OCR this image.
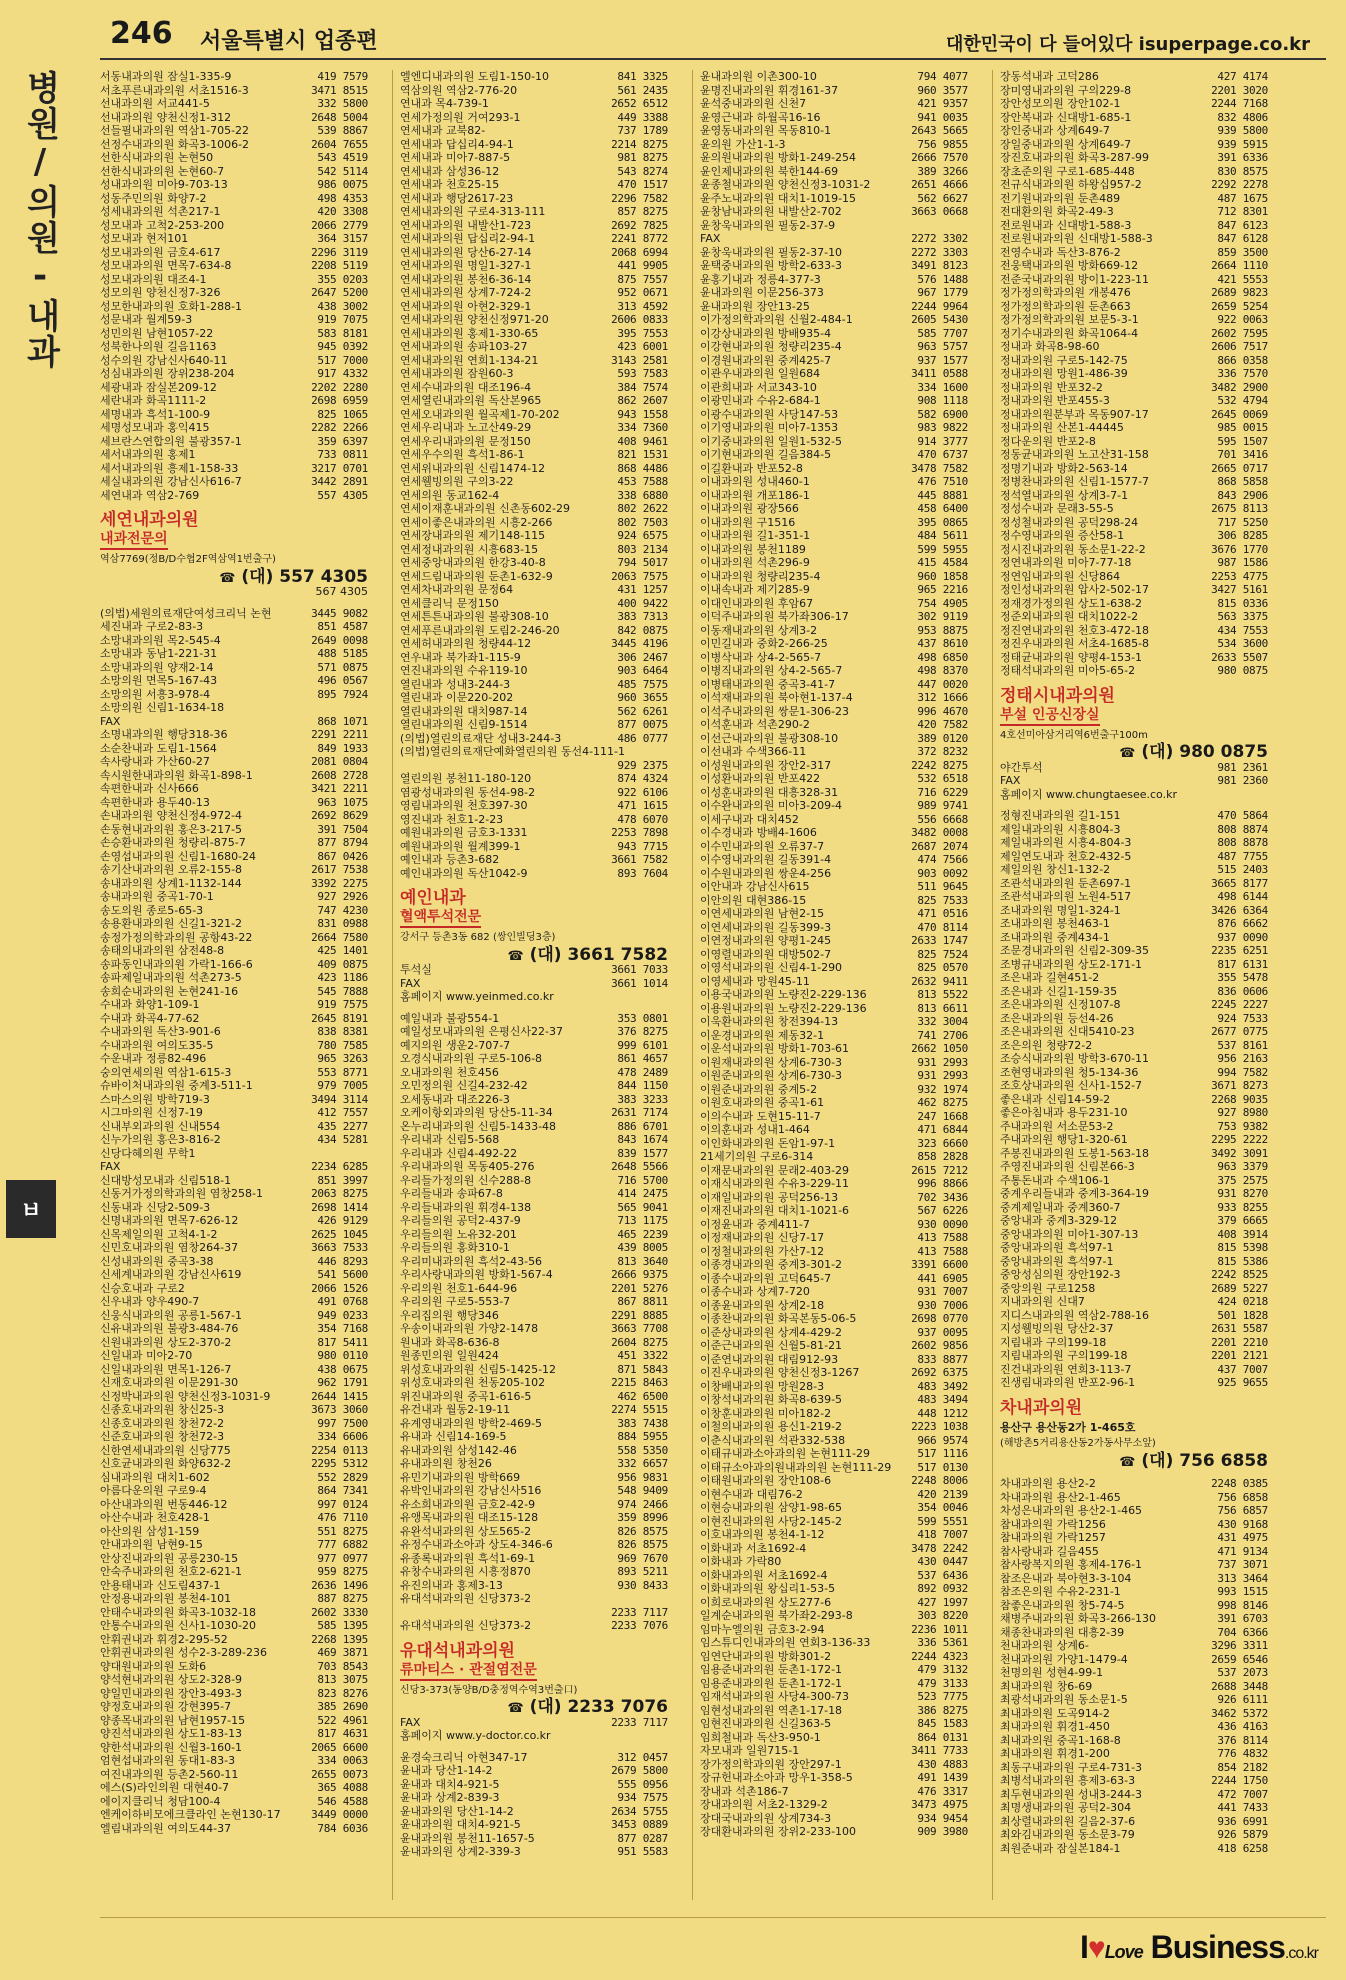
246 서울특별시 업종편	대한민국이 다 들어있다 isuperpage.co.kr
병원/의원-내과
ㅂ
서동내과의원 잠실1-335-9	419 7579
서초푸른내과의원 서초1516-3	3471 8515
선내과의원 서교441-5	332 5800
선내과의원 양천신정1-312	2648 5004
선들필내과의원 역삼1-705-22	539 8867
선정수내과의원 화곡3-1006-2	2604 7655
선한식내과의원 논현50	543 4519
선한식내과의원 논현60-7	542 5114
성내과의원 미아9-703-13	986 0075
성동주민의원 화양7-2	498 4353
성세내과의원 석촌217-1	420 3308
성모내과 고척2-253-200	2066 2779
성모내과 현저101	364 3157
성모내과의원 금호4-617	2296 3119
성모내과의원 면목7-634-8	2208 5119
성모내과의원 대조4-1	355 0203
성모의원 양천신정7-326	2647 5200
성모한내과의원 호화1-288-1	438 3002
성문내과 월계59-3	919 7075
성민의원 남현1057-22	583 8181
성북한나의원 길음1163	945 0392
성수의원 강남신사640-11	517 7000
성심내과의원 장위238-204	917 4332
세광내과 잠실본209-12	2202 2280
세란내과 화곡1111-2	2698 6959
세명내과 흑석1-100-9	825 1065
세명성모내과 홍익415	2282 2266
세브란스연합의원 불광357-1	359 6397
세서내과의원 홍제1	733 0811
세서내과의원 흥제1-158-33	3217 0701
세실내과의원 강남신사616-7	3442 2891
세연내과 역삼2-769	557 4305
세연내과의원
내과전문의
역삼7769(정B/D수협2F역삼역1번출구)
☎ (대) 557 4305
567 4305
(의법)세원의료재단여성크리닉 논현	3445 9082
세진내과 구로2-83-3	851 4587
소망내과의원 목2-545-4	2649 0098
소망내과 동남1-221-31	488 5185
소망내과의원 양재2-14	571 0875
소망의원 면목5-167-43	496 0567
소망의원 서흥3-978-4	895 7924
소망의원 신림1-1634-18
FAX	868 1071
소명내과의원 행당318-36	2291 2211
소순찬내과 도림1-1564	849 1933
속사랑내과 가산60-27	2081 0804
속시원한내과의원 화곡1-898-1	2608 2728
속편한내과 신사666	3421 2211
속편한내과 용두40-13	963 1075
손내과의원 양천신정4-972-4	2692 8629
손동현내과의원 홍은3-217-5	391 7504
손승환내과의원 청량리-875-7	877 8794
손영섭내과의원 신림1-1680-24	867 0426
송기산내과의원 오류2-155-8	2617 7538
송내과의원 상계1-1132-144	3392 2275
송내과의원 중곡1-70-1	927 2926
송도의원 종로5-65-3	747 4230
송용환내과의원 신길1-321-2	831 0988
송정가정의학과의원 공항43-22	2664 7580
송태의내과의원 삼전48-8	425 1401
송파동인내과의원 가락1-166-6	409 0875
송파제일내과의원 석촌273-5	423 1186
송희순내과의원 논현241-16	545 7888
수내과 화양1-109-1	919 7575
수내과 화곡4-77-62	2645 8191
수내과의원 독산3-901-6	838 8381
수내과의원 여의도35-5	780 7585
수운내과 정릉82-496	965 3263
숭의연세의원 역삼1-615-3	553 8771
슈바이처내과의원 중계3-511-1	979 7005
스마스의원 방학719-3	3494 3114
시그마의원 신정7-19	412 7557
신내부외과의원 신내554	435 2277
신누가의원 홍은3-816-2	434 5281
신당다혜의원 무학1
FAX	2234 6285
신대방성모내과 신림518-1	851 3997
신동거가정의학과의원 염창258-1	2063 8275
신동내과 신당2-509-3	2698 1414
신명내과의원 면목7-626-12	426 9129
신목제일의원 고척4-1-2	2625 1045
신민호내과의원 염창264-37	3663 7533
신성내과의원 중곡3-38	446 8293
신세계내과의원 강남신사619	541 5600
신승호내과 구로2	2066 1526
신우내과 양우490-7	491 0768
신웅식내과의원 공릉1-567-1	949 0233
신유내과의원 불광3-484-76	354 7168
신원내과의원 상도2-370-2	817 5411
신일내과 미아2-70	980 0110
신일내과의원 면목1-126-7	438 0675
신재호내과의원 이문291-30	962 1791
신정박내과의원 양천신정3-1031-9	2644 1415
신종호내과의원 창신25-3	3673 3060
신종호내과의원 창천72-2	997 7500
신준호내과의원 창천72-3	334 6606
신한연세내과의원 신당775	2254 0113
신호균내과의원 화양632-2	2295 5312
심내과의원 대치1-602	552 2829
아름다운의원 구로9-4	864 7341
아산내과의원 번동446-12	997 0124
아산수내과 천호428-1	476 7110
아산의원 삼성1-159	551 8275
안내과의원 남현9-15	777 6882
안상진내과의원 공릉230-15	977 0977
안숙주내과의원 천호2-621-1	959 8275
안용태내과 신도림437-1	2636 1496
안정용내과의원 봉천4-101	887 8275
안태수내과의원 화곡3-1032-18	2602 3330
안통수내과의원 신사1-1030-20	585 1395
안휘권내과 휘경2-295-52	2268 1395
안휘권내과의원 성수2-3-289-236	469 3871
양대원내과의원 도화6	703 8543
양석현내과의원 상도2-328-9	813 3075
양일민내과의원 장안3-493-3	823 8276
양정호내과의원 강현395-7	385 2690
양종목내과의원 남현1957-15	522 4961
양진석내과의원 상도1-83-13	817 4631
양한석내과의원 신월3-160-1	2065 6600
엄현섭내과의원 동대1-83-3	334 0063
여진내과의원 등촌2-560-11	2655 0073
에스(S)라인의원 대현40-7	365 4088
에이지클리닉 청담100-4	546 4588
엔케이하비모에크클라인 논현130-17	3449 0000
엘림내과의원 여의도44-37	784 6036
엘엔디내과의원 도림1-150-10	841 3325
역삼의원 역삼2-776-20	561 2435
연내과 목4-739-1	2652 6512
연세가정의원 거여293-1	449 3388
연세내과 교북82-	737 1789
연세내과 답십리4-94-1	2214 8275
연세내과 미아7-887-5	981 8275
연세내과 삼성36-12	543 8274
연세내과 천호25-15	470 1517
연세내과 행당2617-23	2296 7582
연세내과의원 구로4-313-111	857 8275
연세내과의원 내발산1-723	2692 7825
연세내과의원 답십리2-94-1	2241 8772
연세내과의원 당산6-27-14	2068 6994
연세내과의원 명일1-327-1	441 9905
연세내과의원 봉천6-36-14	875 7557
연세내과의원 상계7-724-2	952 0671
연세내과의원 아현2-329-1	313 4592
연세내과의원 양천신정971-20	2606 0833
연세내과의원 홍제1-330-65	395 7553
연세내과의원 송파103-27	423 6001
연세내과의원 연희1-134-21	3143 2581
연세내과의원 잠원60-3	593 7583
연세수내과의원 대조196-4	384 7574
연세열린내과의원 독산본965	862 2607
연세오내과의원 월곡제1-70-202	943 1558
연세우리내과 노고산49-29	334 7360
연세우리내과의원 문정150	408 9461
연세우수의원 흑석1-86-1	821 1531
연세위내과의원 신림1474-12	868 4486
연세웰빙의원 구의3-22	453 7588
연세의원 동교162-4	338 6880
연세이재훈내과의원 신촌동602-29	802 2622
연세이좋은내과의원 시흥2-266	802 7503
연세장내과의원 제기148-115	924 6575
연세정내과의원 시흥683-15	803 2134
연세중앙내과의원 한강3-40-8	794 5017
연세드림내과의원 둔촌1-632-9	2063 7575
연세차내과의원 문정64	431 1257
연세클리닉 문정150	400 9422
연세튼튼내과의원 불광308-10	383 7313
연세푸른내과의원 도림2-246-20	842 0875
연세허내과의원 청량44-12	3445 4196
연우내과 북가좌1-115-9	306 2467
연진내과의원 수유119-10	903 6464
열린내과 성내3-244-3	485 7575
열린내과 이문220-202	960 3655
열린내과의원 대치987-14	562 6261
열린내과의원 신림9-1514	877 0075
(의법)열린의료재단 성내3-244-3	486 0777
(의법)열린의료재단예화열린의원 동선4-111-1
929 2375
열린의원 봉천11-180-120	874 4324
염광성내과의원 동선4-98-2	922 6106
영림내과의원 천호397-30	471 1615
영진내과 천호1-2-23	478 6070
예원내과의원 금호3-1331	2253 7898
예원내과의원 월계399-1	943 7715
예인내과 등촌3-682	3661 7582
예인내과의원 독산1042-9	893 7604
예인내과
혈액투석전문
강서구 등촌3동 682 (쌍인빌딩3층)
☎ (대) 3661 7582
투석실	3661 7033
FAX	3661 1014
홈페이지 www.yeinmed.co.kr
예일내과 불광554-1	353 0801
예일성모내과의원 은평신사22-37	376 8275
예지의원 생운2-707-7	999 6101
오경식내과의원 구로5-106-8	861 4657
오내과의원 천호456	478 2489
오민정의원 신길4-232-42	844 1150
오세동내과 대조226-3	383 3233
오케이항외과의원 당산5-11-34	2631 7174
온누리내과의원 신림5-1433-48	886 6701
우리내과 신림5-568	843 1674
우리내과 신림4-492-22	839 1577
우리내과의원 목동405-276	2648 5566
우리들가정의원 신수288-8	716 5700
우리들내과 송파67-8	414 2475
우리들내과의원 휘경4-138	565 9041
우리들의원 공덕2-437-9	713 1175
우리들의원 노유32-201	465 2239
우리들의원 홍화310-1	439 8005
우리미내과의원 흑석2-43-56	813 3640
우리사랑내과의원 방화1-567-4	2666 9375
우리의원 천호1-644-96	2201 5276
우리의원 구로5-553-7	867 8811
우리집의원 행당346	2291 8885
우송이내과의원 가양2-1478	3663 7708
원내과 화곡8-636-8	2604 8275
원종민의원 일원424	451 3322
위성호내과의원 신림5-1425-12	871 5843
위성호내과의원 천동205-102	2215 8463
위진내과의원 중곡1-616-5	462 6500
유건내과 월동2-19-11	2274 5515
유계영내과의원 방학2-469-5	383 7438
유내과 신림14-169-5	884 5955
유내과의원 삼성142-46	558 5350
유내과의원 창천26	332 6657
유민기내과의원 방학669	956 9831
유박인내과의원 강남신사516	548 9409
유소희내과의원 금호2-42-9	974 2466
유앵목내과의원 대조15-128	359 8996
유완석내과의원 상도565-2	826 8575
유정수내과소아과 상도4-346-6	826 8575
유종록내과의원 흑석1-69-1	969 7670
유창수내과의원 시흥정870	893 5211
유진의내과 홍제3-13	930 8433
유대석내과의원 신당373-2
2233 7117
유대석내과의원 신당373-2	2233 7076
유대석내과의원
류마티스 · 관절염전문
신당3-373(동양B/D충정역수역3번출口)
☎ (대) 2233 7076
FAX	2233 7117
홈페이지 www.y-doctor.co.kr
윤경숙크리닉 아현347-17	312 0457
윤내과 당산1-14-2	2679 5800
윤내과 대치4-921-5	555 0956
윤내과 상계2-839-3	934 7575
윤내과의원 당산1-14-2	2634 5755
윤내과의원 대치4-921-5	3453 0889
윤내과의원 봉천11-1657-5	877 0287
윤내과의원 상계2-339-3	951 5583
윤내과의원 이촌300-10	794 4077
윤명진내과의원 휘경161-37	960 3577
윤석중내과의원 신천7	421 9357
윤영근내과 하월곡16-16	941 0035
윤영동내과의원 목동810-1	2643 5665
윤의원 가산1-1-3	756 9855
윤의원내과의원 방화1-249-254	2666 7570
윤인제내과의원 북한144-69	389 3266
윤종철내과의원 양천신정3-1031-2	2651 4666
윤주노내과의원 대치1-1019-15	562 6627
윤창남내과의원 내발산2-702	3663 0668
윤창욱내과의원 필동2-37-9
FAX	2272 3302
윤창욱내과의원 필동2-37-10	2272 3303
윤택중내과의원 방학2-633-3	3491 8123
윤홍기내과 정릉4-377-3	576 1488
윤내과의원 이문256-373	967 1779
윤내과의원 장안13-25	2244 9964
이가정의학과의원 신월2-484-1	2605 5430
이강상내과의원 방배935-4	585 7707
이강현내과의원 청량리235-4	963 5757
이경원내과의원 중계425-7	937 1577
이관우내과의원 일원684	3411 0588
이관희내과 서교343-10	334 1600
이광민내과 수유2-684-1	908 1118
이광수내과의원 사당147-53	582 6900
이기영내과의원 미아7-1353	983 9822
이기중내과의원 일원1-532-5	914 3777
이기현내과의원 길음384-5	470 6737
이길환내과 반포52-8	3478 7582
이내과의원 성내460-1	476 7510
이내과의원 개포186-1	445 8881
이내과의원 광장566	458 6400
이내과의원 구1516	395 0865
이내과의원 길1-351-1	484 5611
이내과의원 봉천1189	599 5955
이내과의원 석촌296-9	415 4584
이내과의원 청량리235-4	960 1858
이내속내과 제기285-9	965 2216
이대인내과의원 후암67	754 4905
이덕주내과의원 북가좌306-17	302 9119
이동재내과의원 상계3-2	953 8875
이민길내과 중화2-266-25	437 8610
이병삭내과 상4-2-565-7	498 6850
이병직내과의원 상4-2-565-7	498 8370
이병태내과의원 중곡3-41-7	447 0020
이석재내과의원 북아현1-137-4	312 1666
이석주내과의원 쌍문1-306-23	996 4670
이석훈내과 석촌290-2	420 7582
이선근내과의원 불광308-10	389 0120
이선내과 수색366-11	372 8232
이성원내과의원 장안2-317	2242 8275
이성환내과의원 반포422	532 6518
이성훈내과의원 대흥328-31	716 6229
이수완내과의원 미아3-209-4	989 9741
이세구내과 대치452	556 6668
이수경내과 방배4-1606	3482 0008
이수민내과의원 오류37-7	2687 2074
이수영내과의원 길동391-4	474 7566
이수원내과의원 쌍운4-256	903 0092
이안내과 강남신사615	511 9645
이안의원 대현386-15	825 7533
이연세내과의원 남현2-15	471 0516
이연세내과의원 길동399-3	470 8114
이연정내과의원 양평1-245	2633 1747
이영렬내과의원 대방502-7	825 7524
이영석내과의원 신림4-1-290	825 0570
이영세내과 망원45-11	2632 9411
이용국내과의원 노량진2-229-136	813 5522
이용원내과의원 노량진2-229-136	813 6611
이욱환내과의원 창전394-13	332 3004
이운경내과의원 제동32-1	741 2706
이운석내과의원 방화1-703-61	2662 1050
이원재내과의원 상계6-730-3	931 2993
이원준내과의원 상계6-730-3	931 2993
이원준내과의원 중계5-2	932 1974
이원호내과의원 중곡1-61	462 8275
이의수내과 도현15-11-7	247 1668
이의훈내과 성내1-464	471 6844
이인화내과의원 돈암1-97-1	323 6660
21세기의원 구로6-314	858 2828
이재문내과의원 문래2-403-29	2615 7212
이재식내과의원 수유3-229-11	996 8866
이재일내과의원 공덕256-13	702 3436
이재진내과의원 대치1-1021-6	567 6226
이정윤내과 중계411-7	930 0090
이정재내과의원 신당7-17	413 7588
이정철내과의원 가산7-12	413 7588
이종경내과의원 중계3-301-2	3391 6600
이종수내과의원 고덕645-7	441 6905
이종수내과 상계7-720	931 7007
이종윤내과의원 상계2-18	930 7006
이종찬내과의원 화곡본동5-06-5	2698 0770
이준상내과의원 상계4-429-2	937 0095
이준근내과의원 신월5-81-21	2602 9856
이준연내과의원 대림912-93	833 8877
이진우내과의원 양천신정3-1267	2692 6375
이창배내과의원 망원28-3	483 3492
이창석내과의원 화곡8-639-5	483 3494
이창훈내과의원 미아182-2	448 1212
이철의내과의원 용신1-219-2	2223 1038
이춘식내과의원 석관332-538	966 9574
이태규내과소아과의원 논현111-29	517 1116
이태규소아과의원내과의원 논현111-29	517 0130
이태원내과의원 장안108-6	2248 8006
이현수내과 대림76-2	420 2139
이현승내과의원 삼양1-98-65	354 0046
이현진내과의원 사당2-145-2	599 5551
이호내과의원 봉천4-1-12	418 7007
이화내과 서초1692-4	3478 2242
이화내과 가락80	430 0447
이화내과의원 서초1692-4	537 6436
이화내과의원 왕십리1-53-5	892 0932
이희로내과의원 상도277-6	427 1997
일계순내과의원 북가좌2-293-8	303 8220
임마누엘의원 금호3-2-94	2236 1011
임스튜디인내과의원 연회3-136-33	336 5361
임연단내과의원 방화301-2	2244 4323
임용준내과의원 둔촌1-172-1	479 3132
임용준내과의원 둔촌1-172-1	479 3133
임재석내과의원 사당4-300-73	523 7775
임현성내과의원 역촌1-17-18	386 8275
임현진내과의원 신길363-5	845 1583
임희철내과 독산3-950-1	864 0131
자모내과 일원715-1	3411 7733
장가정의학과의원 장안297-1	430 4883
장규헌내과소아과 망우1-358-5	491 1439
장내과 석촌186-7	476 3317
장내과의원 서초2-1329-2	3473 4975
장대국내과의원 상계734-3	934 9454
장대환내과의원 장위2-233-100	909 3980
장동석내과 고덕286	427 4174
장미영내과의원 구의229-8	2201 3020
장안성모의원 장안102-1	2244 7168
장안복내과 신대방1-685-1	832 4806
장인중내과 상계649-7	939 5800
장일중내과의원 상계649-7	939 5915
장진호내과의원 화곡3-287-99	391 6336
장초준의원 구로1-685-448	830 8575
전규식내과의원 하왕십957-2	2292 2278
전기원내과의원 둔촌489	487 1675
전대환의원 화곡2-49-3	712 8301
전로원내과 신대방1-588-3	847 6123
전로원내과의원 신대방1-588-3	847 6128
전영수내과 독산3-876-2	859 3500
전웅택내과의원 방화669-12	2664 1110
전준국내과의원 방이1-223-11	421 5553
정가정의학과의원 개봉476	2689 9823
정가정의학과의원 둔촌663	2659 5254
정가정의학과의원 보문5-3-1	922 0063
정기수내과의원 화곡1064-4	2602 7595
정내과 화곡8-98-60	2606 7517
정내과의원 구로5-142-75	866 0358
정내과의원 망원1-486-39	336 7570
정내과의원 반포32-2	3482 2900
정내과의원 반포455-3	532 4794
정내과의원분부과 목동907-17	2645 0069
정내과의원 산본1-44445	985 0015
정다운의원 반포2-8	595 1507
정동균내과의원 노고산31-158	701 3416
정명기내과 방화2-563-14	2665 0717
정병찬내과의원 신림1-1577-7	868 5858
정석열내과의원 상계3-7-1	843 2906
정성수내과 문래3-55-5	2675 8113
정성철내과의원 공덕298-24	717 5250
정수영내과의원 증산58-1	306 8285
정시진내과의원 동소문1-22-2	3676 1770
정연내과의원 미아7-77-18	987 1586
정연임내과의원 신당864	2253 4775
정인성내과의원 압사2-502-17	3427 5161
정재경가정의원 상도1-638-2	815 0336
정준외내과의원 대치1022-2	563 3375
정진연내과의원 천호3-472-18	434 7553
정진우내과의원 서초4-1685-8	534 3600
정태균내과의원 양평4-153-1	2633 5507
정태석내과의원 미아5-65-2	980 0875
정태시내과의원
부설 인공신장실
4호선미아삼거리역6번출구100m
☎ (대) 980 0875
야간투석	981 2361
FAX	981 2360
홈페이지 www.chungtaesee.co.kr
정형진내과의원 길1-151	470 5864
제일내과의원 시흥804-3	808 8874
제일내과의원 시흥4-804-3	808 8878
제일연도내과 천호2-432-5	487 7755
제일의원 창신1-132-2	515 2403
조관석내과의원 둔촌697-1	3665 8177
조관석내과의원 노원4-517	498 6144
조내과의원 명일1-324-1	3426 6364
조내과의원 봉천463-1	876 6662
조내과의원 중계434-1	937 0090
조문경내과의원 신림2-309-35	2235 6251
조병규내과의원 상도2-171-1	817 6131
조은내과 길현451-2	355 5478
조은내과 신길1-159-35	836 0606
조은내과의원 신정107-8	2245 2227
조은내과의원 등선4-26	924 7533
조은내과의원 신대5410-23	2677 0775
조은의원 청량72-2	537 8161
조승식내과의원 방학3-670-11	956 2163
조현영내과의원 청5-134-36	994 7582
조호상내과의원 신사1-152-7	3671 8273
좋은내과 신림14-59-2	2268 9035
좋은아침내과 용두231-10	927 8980
주내과의원 서소문53-2	753 9382
주내과의원 행당1-320-61	2295 2222
주봉진내과의원 도봉1-563-18	3492 3091
주영진내과의원 신림본66-3	963 3379
주통돈내과 수색106-1	375 2575
중계우리들내과 중계3-364-19	931 8270
중계제일내과 중계360-7	933 8255
중앙내과 중계3-329-12	379 6665
중앙내과의원 미아1-307-13	408 3914
중앙내과의원 흑석97-1	815 5398
중앙내과의원 흑석97-1	815 5386
중앙성심의원 장안192-3	2242 8525
중앙의원 구로1258	2689 5227
지내과의원 신대7	424 0218
지디스내과의원 역삼2-788-16	501 1828
지성웰빙의원 당산2-37	2631 5587
지림내과 구의199-18	2201 2210
지림내과의원 구의199-18	2201 2121
진건내과의원 연희3-113-7	437 7007
진생림내과의원 반포2-96-1	925 9655
차내과의원
용산구 용산동2가 1-465호
(해방촌5거리용산동2가동사무소앞)
☎ (대) 756 6858
차내과의원 용산2-2	2248 0385
차내과의원 용산2-1-465	756 6858
차성은내과의원 용산2-1-465	756 6857
참내과의원 가락1256	430 9168
참내과의원 가락1257	431 4975
참사랑내과 길음455	471 9134
참사랑복지의원 홍제4-176-1	737 3071
참조은내과 북아현3-3-104	313 3464
참조은의원 수유2-231-1	993 1515
참좋은내과의원 창5-74-5	998 8146
채병주내과의원 화곡3-266-130	391 6703
채종찬내과의원 대흥2-39	704 6366
천내과의원 상계6-	3296 3311
천내과의원 가양1-1479-4	2659 6546
천명의원 성현4-99-1	537 2073
최내과의원 창6-69	2688 3448
최광석내과의원 동소문1-5	926 6111
최내과의원 도곡914-2	3462 5372
최내과의원 휘경1-450	436 4163
최내과의원 중곡1-168-8	376 8114
최내과의원 휘경1-200	776 4832
최동구내과의원 구로4-731-3	854 2182
최병석내과의원 흥제3-63-3	2244 1750
최두현내과의원 성내3-244-3	472 7007
최명생내과의원 공덕2-304	441 7433
최상렬내과의원 길음2-37-6	936 6991
최와김내과의원 동소문3-79	926 5879
최원준내과 잠실본184-1	418 6258
I♥Love Business.co.kr
